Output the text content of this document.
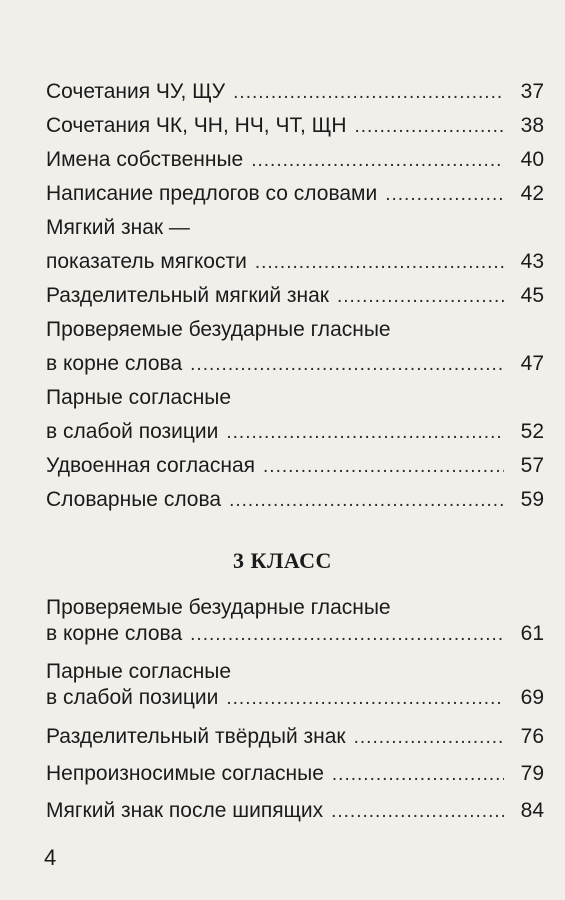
Сочетания ЧУ, ЩУ .....	37
Сочетания ЧК, ЧН, НЧ, ЧТ, ЩН .....	38
Имена собственные .....	40
Написание предлогов со словами .....	42
Мягкий знак —
показатель мягкости .....	43
Разделительный мягкий знак .....	45
Проверяемые безударные гласные
в корне слова .....	47
Парные согласные
в слабой позиции .....	52
Удвоенная согласная .....	57
Словарные слова .....	59
Проверяемые безударные гласные
в корне слова .....	61
Парные согласные
в слабой позиции .....	69
Разделительный твёрдый знак .....	76
Непроизносимые согласные .....	79
Мягкий знак после шипящих .....	84
3 КЛАСС
4
